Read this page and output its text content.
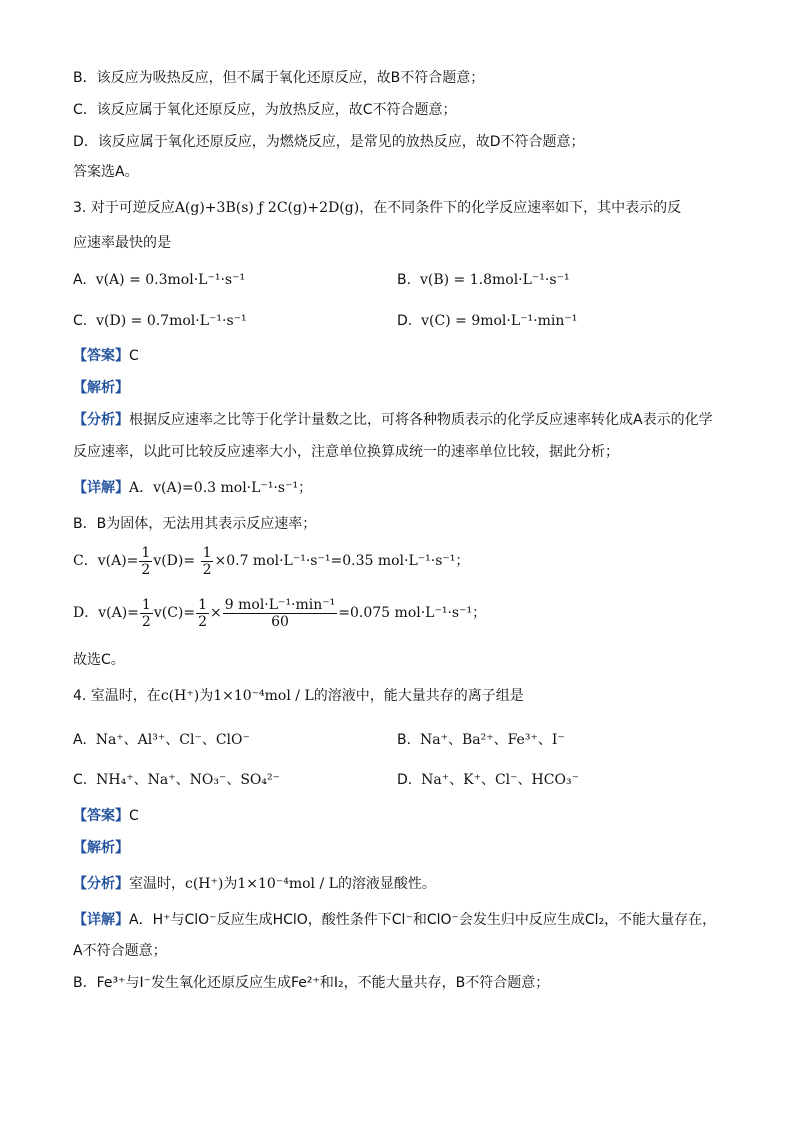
B．该反应为吸热反应，但不属于氧化还原反应，故B不符合题意；
C．该反应属于氧化还原反应，为放热反应，故C不符合题意；
D．该反应属于氧化还原反应，为燃烧反应，是常见的放热反应，故D不符合题意；
答案选A。
3. 对于可逆反应A(g)+3B(s) ƒ 2C(g)+2D(g)，在不同条件下的化学反应速率如下，其中表示的反
应速率最快的是
A. v(A) = 0.3mol·L⁻¹·s⁻¹	B. v(B) = 1.8mol·L⁻¹·s⁻¹
C. v(D) = 0.7mol·L⁻¹·s⁻¹	D. v(C) = 9mol·L⁻¹·min⁻¹
【答案】C
【解析】
【分析】根据反应速率之比等于化学计量数之比，可将各种物质表示的化学反应速率转化成A表示的化学
反应速率，以此可比较反应速率大小，注意单位换算成统一的速率单位比较，据此分析；
【详解】A．v(A)=0.3 mol·L⁻¹·s⁻¹；
B．B为固体，无法用其表示反应速率；
C．$v(A)= \frac{1}{2} v(D)= \frac{1}{2} \times 0.7$ mol·L⁻¹·s⁻¹=0.35 mol·L⁻¹·s⁻¹；
D．$v(A)= \frac{1}{2} v(C)= \frac{1}{2} \times \frac{\text{9 mol·L⁻¹·min⁻¹}}{60} =0.075$ mol·L⁻¹·s⁻¹；
故选C。
4. 室温时，在c(H⁺)为1×10⁻⁴mol / L的溶液中，能大量共存的离子组是
A. Na⁺、Al³⁺、Cl⁻、ClO⁻	B. Na⁺、Ba²⁺、Fe³⁺、I⁻
C. NH₄⁺、Na⁺、NO₃⁻、SO₄²⁻	D. Na⁺、K⁺、Cl⁻、HCO₃⁻
【答案】C
【解析】
【分析】室温时，c(H⁺)为1×10⁻⁴mol / L的溶液显酸性。
【详解】A．H⁺与ClO⁻反应生成HClO，酸性条件下Cl⁻和ClO⁻会发生归中反应生成Cl₂，不能大量存在，
A不符合题意；
B．Fe³⁺与I⁻发生氧化还原反应生成Fe²⁺和I₂，不能大量共存，B不符合题意；
